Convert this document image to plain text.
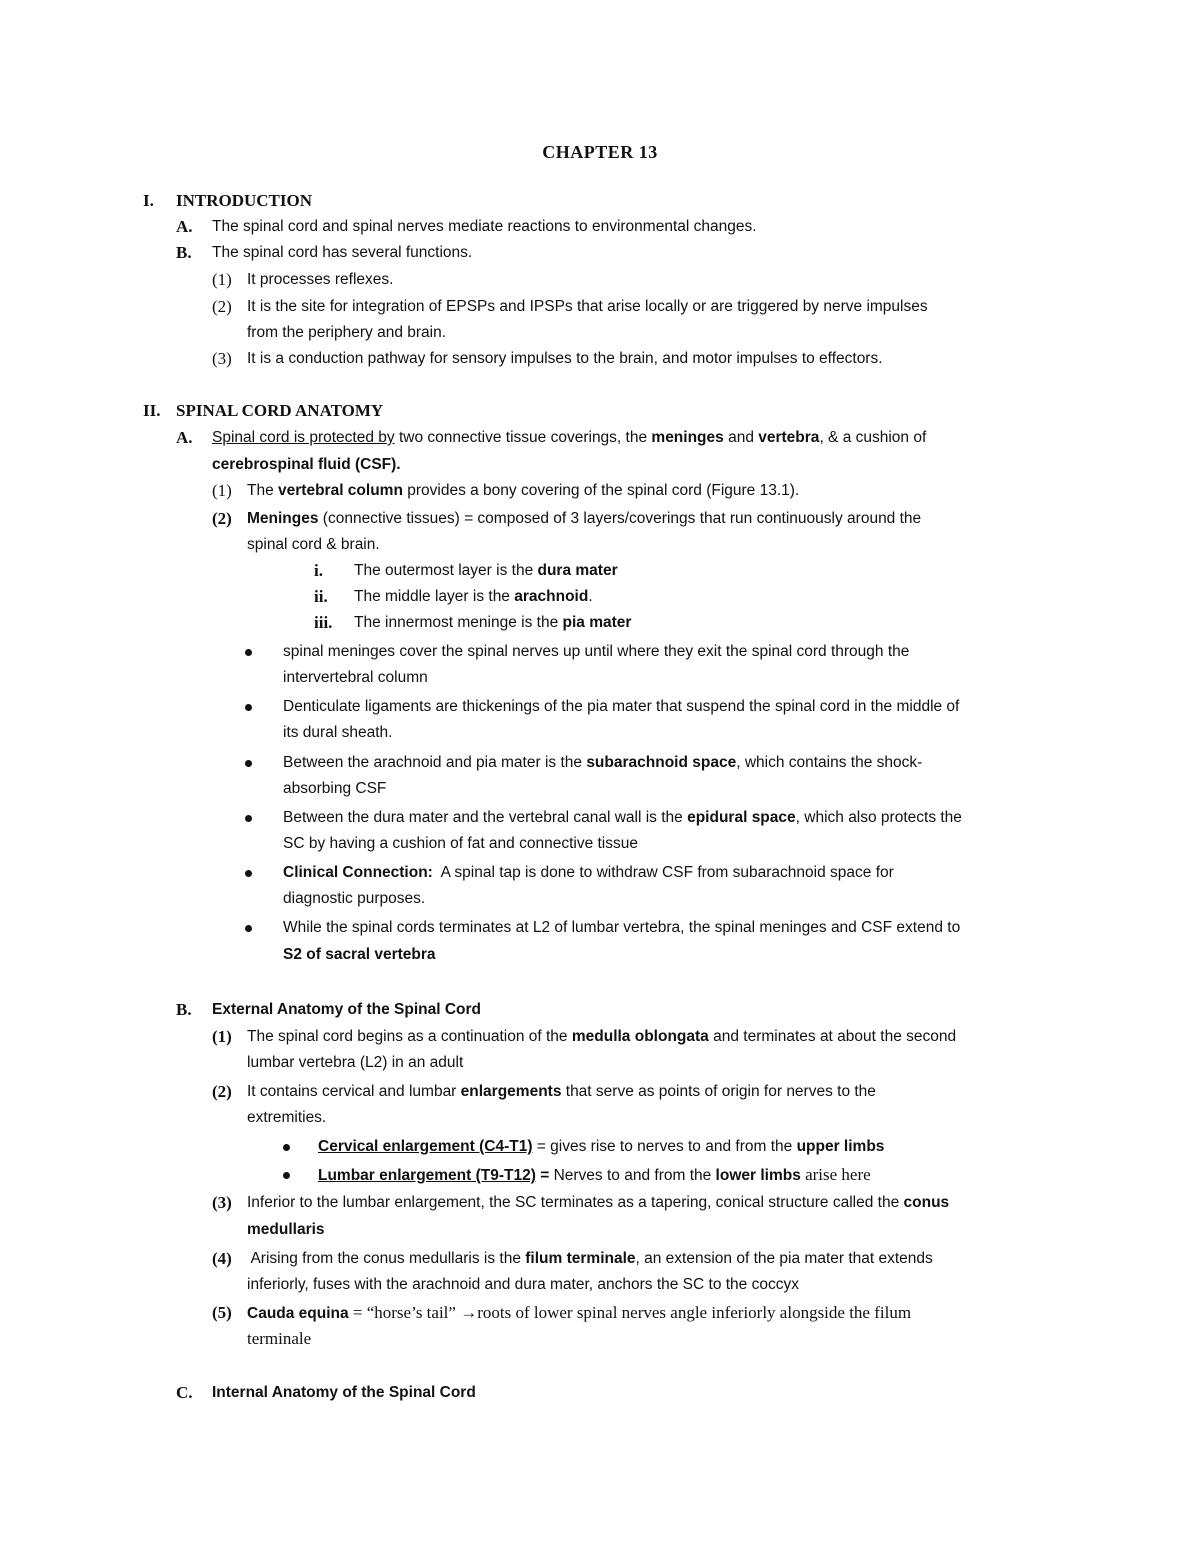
CHAPTER 13
I. INTRODUCTION
A. The spinal cord and spinal nerves mediate reactions to environmental changes.
B. The spinal cord has several functions.
(1) It processes reflexes.
(2) It is the site for integration of EPSPs and IPSPs that arise locally or are triggered by nerve impulses
from the periphery and brain.
(3) It is a conduction pathway for sensory impulses to the brain, and motor impulses to effectors.
II. SPINAL CORD ANATOMY
A. Spinal cord is protected by two connective tissue coverings, the meninges and vertebra, & a cushion of
cerebrospinal fluid (CSF).
(1) The vertebral column provides a bony covering of the spinal cord (Figure 13.1).
(2) Meninges (connective tissues) = composed of 3 layers/coverings that run continuously around the
spinal cord & brain.
i. The outermost layer is the dura mater
ii. The middle layer is the arachnoid.
iii. The innermost meninge is the pia mater
spinal meninges cover the spinal nerves up until where they exit the spinal cord through the
intervertebral column
Denticulate ligaments are thickenings of the pia mater that suspend the spinal cord in the middle of
its dural sheath.
Between the arachnoid and pia mater is the subarachnoid space, which contains the shock-
absorbing CSF
Between the dura mater and the vertebral canal wall is the epidural space, which also protects the
SC by having a cushion of fat and connective tissue
Clinical Connection:  A spinal tap is done to withdraw CSF from subarachnoid space for
diagnostic purposes.
While the spinal cords terminates at L2 of lumbar vertebra, the spinal meninges and CSF extend to
S2 of sacral vertebra
B. External Anatomy of the Spinal Cord
(1) The spinal cord begins as a continuation of the medulla oblongata and terminates at about the second
lumbar vertebra (L2) in an adult
(2) It contains cervical and lumbar enlargements that serve as points of origin for nerves to the
extremities.
Cervical enlargement (C4-T1) = gives rise to nerves to and from the upper limbs
Lumbar enlargement (T9-T12) = Nerves to and from the lower limbs arise here
(3) Inferior to the lumbar enlargement, the SC terminates as a tapering, conical structure called the conus
medullaris
(4) Arising from the conus medullaris is the filum terminale, an extension of the pia mater that extends
inferiorly, fuses with the arachnoid and dura mater, anchors the SC to the coccyx
(5) Cauda equina = “horse’s tail” →roots of lower spinal nerves angle inferiorly alongside the filum
terminale
C. Internal Anatomy of the Spinal Cord
